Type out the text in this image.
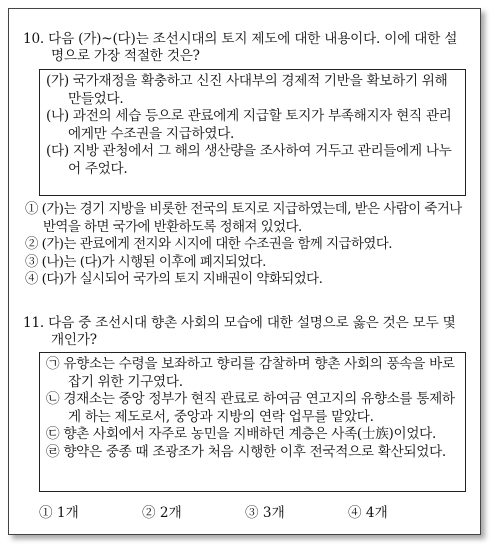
10. 다음 (가)~(다)는 조선시대의 토지 제도에 대한 내용이다. 이에 대한 설명으로 가장 적절한 것은?
(가) 국가재정을 확충하고 신진 사대부의 경제적 기반을 확보하기 위해 만들었다.
(나) 과전의 세습 등으로 관료에게 지급할 토지가 부족해지자 현직 관리에게만 수조권을 지급하였다.
(다) 지방 관청에서 그 해의 생산량을 조사하여 거두고 관리들에게 나누어 주었다.
① (가)는 경기 지방을 비롯한 전국의 토지로 지급하였는데, 받은 사람이 죽거나 반역을 하면 국가에 반환하도록 정해져 있었다.
② (가)는 관료에게 전지와 시지에 대한 수조권을 함께 지급하였다.
③ (나)는 (다)가 시행된 이후에 폐지되었다.
④ (다)가 실시되어 국가의 토지 지배권이 약화되었다.
11. 다음 중 조선시대 향촌 사회의 모습에 대한 설명으로 옳은 것은 모두 몇 개인가?
㉠ 유향소는 수령을 보좌하고 향리를 감찰하며 향촌 사회의 풍속을 바로잡기 위한 기구였다.
㉡ 경재소는 중앙 정부가 현직 관료로 하여금 연고지의 유향소를 통제하게 하는 제도로서, 중앙과 지방의 연락 업무를 맡았다.
㉢ 향촌 사회에서 자주로 농민을 지배하던 계층은 사족(士族)이었다.
㉣ 향약은 중종 때 조광조가 처음 시행한 이후 전국적으로 확산되었다.
① 1개	② 2개	③ 3개	④ 4개
